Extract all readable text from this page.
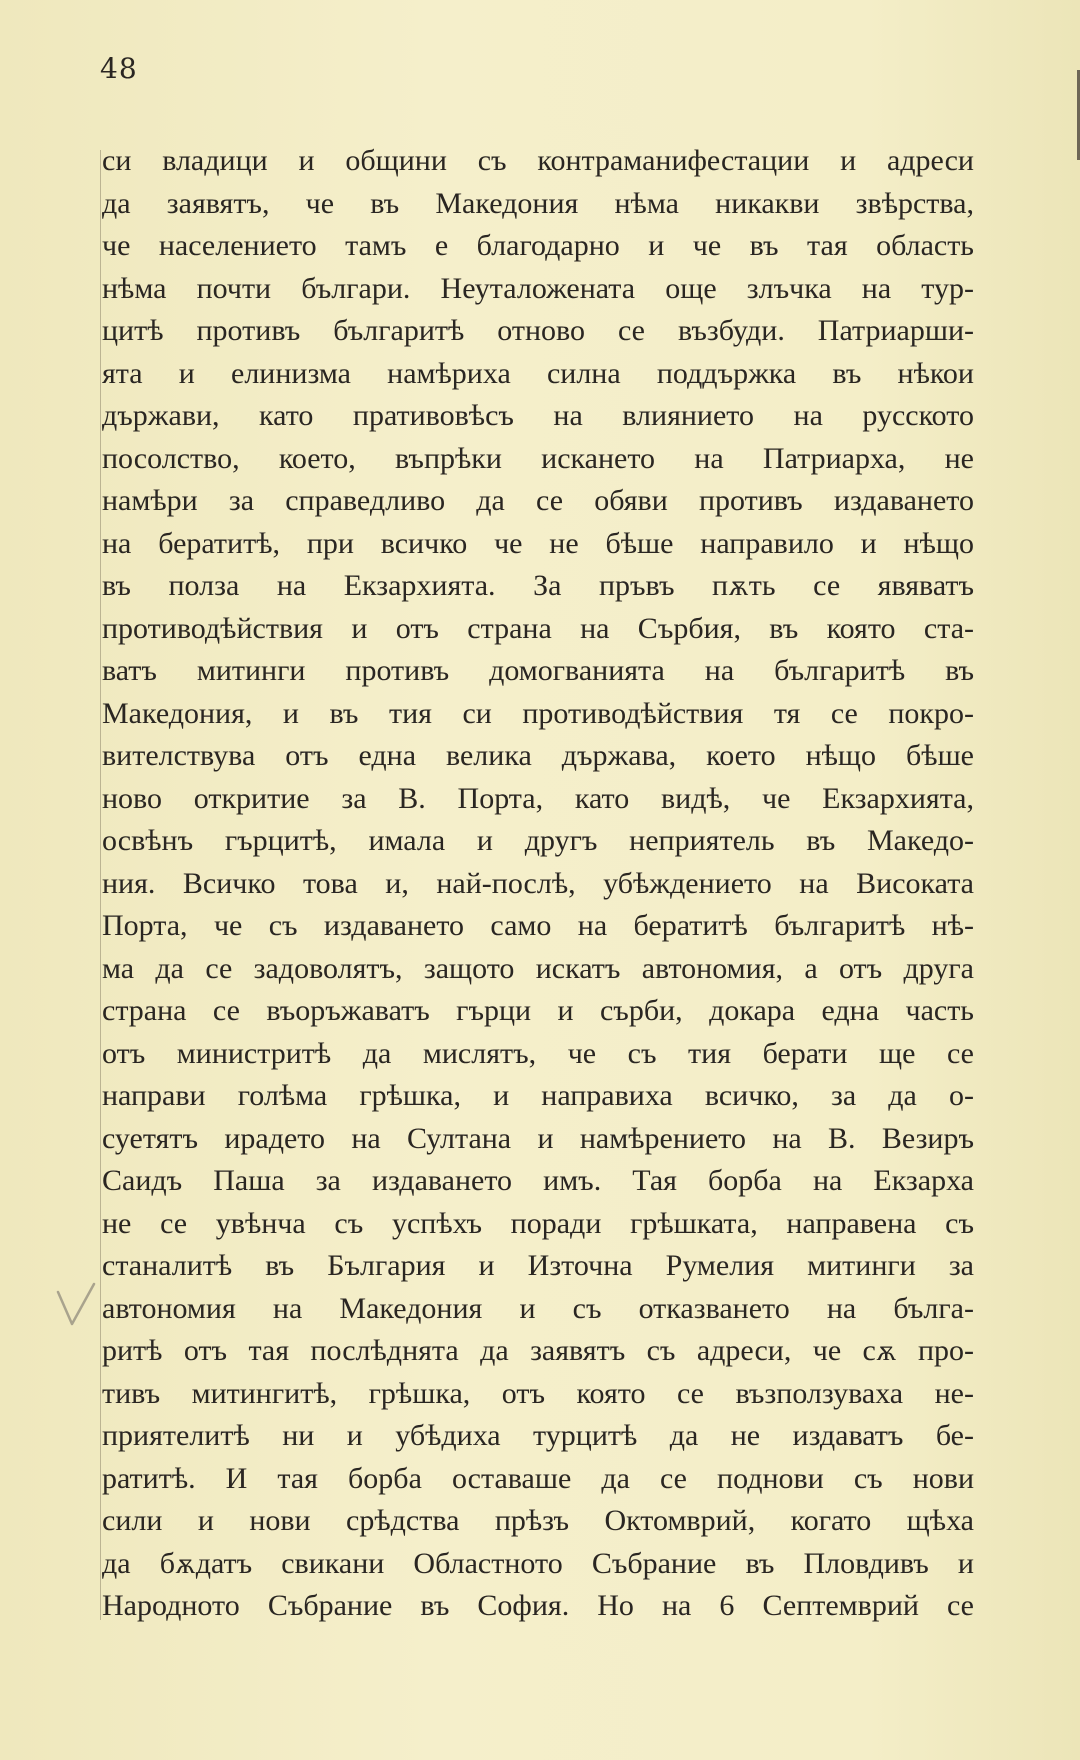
48
си владици и общини съ контраманифестации и адреси
да заявятъ, че въ Македония нѣма никакви звѣрства,
че населението тамъ е благодарно и че въ тая область
нѣма почти българи. Неуталожената още злъчка на тур-
цитѣ противъ българитѣ отново се възбуди. Патриарши-
ята и елинизма намѣриха силна поддържка въ нѣкои
държави, като пративовѣсъ на влиянието на русското
посолство, което, въпрѣки искането на Патриарха, не
намѣри за справедливо да се обяви противъ издаването
на бератитѣ, при всичко че не бѣше направило и нѣщо
въ полза на Екзархията. За пръвъ пѫть се явяватъ
противодѣйствия и отъ страна на Сърбия, въ която ста-
ватъ митинги противъ домогванията на българитѣ въ
Македония, и въ тия си противодѣйствия тя се покро-
вителствува отъ една велика държава, което нѣщо бѣше
ново откритие за В. Порта, като видѣ, че Екзархията,
освѣнъ гърцитѣ, имала и другъ неприятель въ Македо-
ния. Всичко това и, най-послѣ, убѣждението на Високата
Порта, че съ издаването само на бератитѣ българитѣ нѣ-
ма да се задоволятъ, защото искатъ автономия, а отъ друга
страна се въоръжаватъ гърци и сърби, докара една часть
отъ министритѣ да мислятъ, че съ тия берати ще се
направи голѣма грѣшка, и направиха всичко, за да о-
суетятъ ирадето на Султана и намѣрението на В. Везиръ
Саидъ Паша за издаването имъ. Тая борба на Екзарха
не се увѣнча съ успѣхъ поради грѣшката, направена съ
станалитѣ въ България и Източна Румелия митинги за
автономия на Македония и съ отказването на бълга-
ритѣ отъ тая послѣднята да заявятъ съ адреси, че сѫ про-
тивъ митингитѣ, грѣшка, отъ която се възползуваха не-
приятелитѣ ни и убѣдиха турцитѣ да не издаватъ бе-
ратитѣ. И тая борба оставаше да се поднови съ нови
сили и нови срѣдства прѣзъ Октомврий, когато щѣха
да бѫдатъ свикани Областното Събрание въ Пловдивъ и
Народното Събрание въ София. Но на 6 Септемврий се
